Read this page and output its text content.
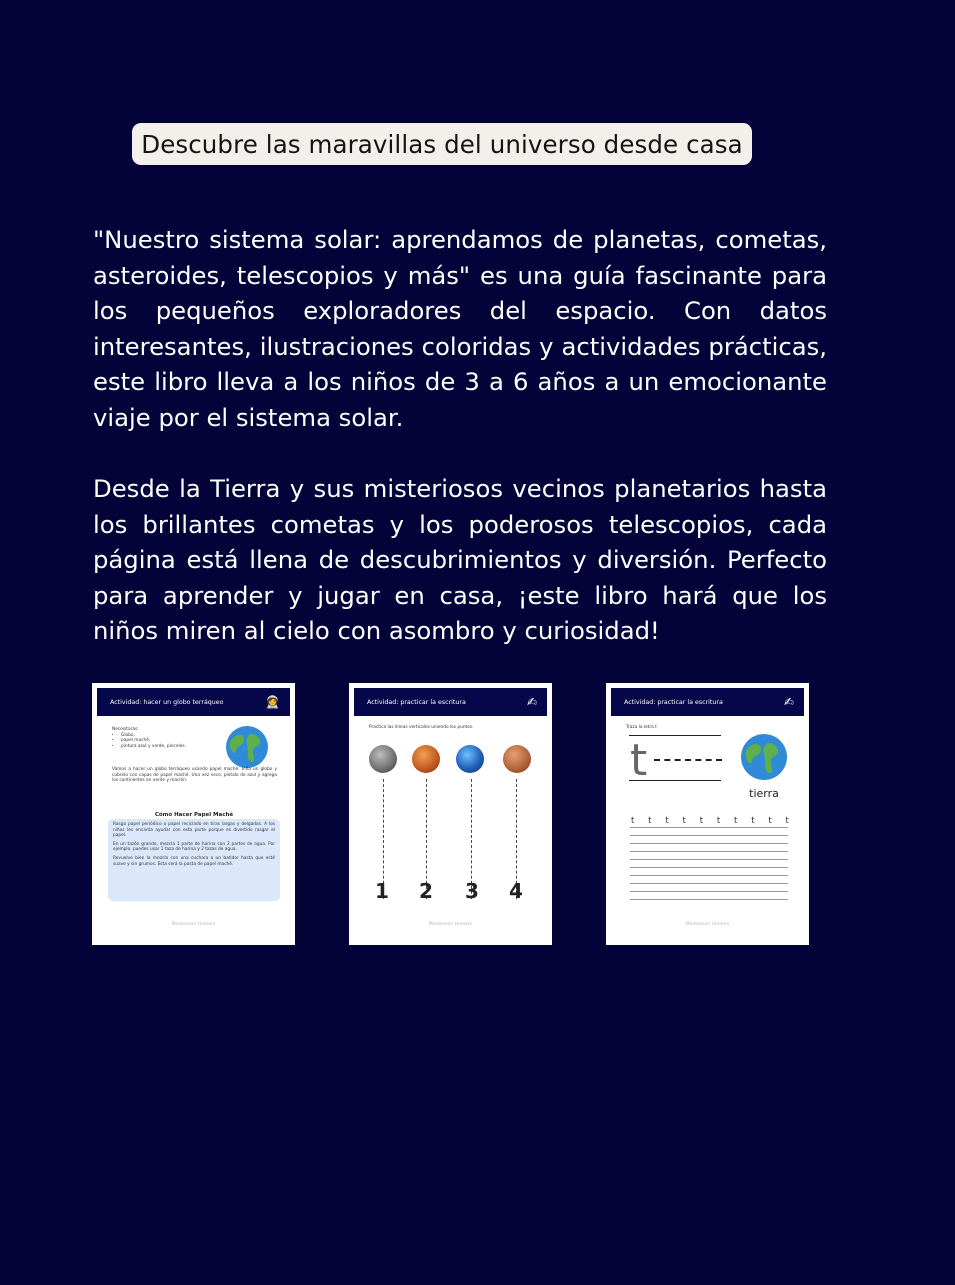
Descubre las maravillas del universo desde casa

"Nuestro sistema solar: aprendamos de planetas, cometas, asteroides, telescopios y más" es una guía fascinante para los pequeños exploradores del espacio. Con datos interesantes, ilustraciones coloridas y actividades prácticas, este libro lleva a los niños de 3 a 6 años a un emocionante viaje por el sistema solar.

Desde la Tierra y sus misteriosos vecinos planetarios hasta los brillantes cometas y los poderosos telescopios, cada página está llena de descubrimientos y diversión. Perfecto para aprender y jugar en casa, ¡este libro hará que los niños miren al cielo con asombro y curiosidad!

Actividad: hacer un globo terráqueo	🧑‍🚀
Necesitarás:
• Globo,
• papel maché,
• pintura azul y verde, pinceles.
Vamos a hacer un globo terráqueo usando papel maché. Infla un globo y cúbrelo con capas de papel maché. Una vez seco, píntalo de azul y agrega los continentes en verde y marrón.
Cómo Hacer Papel Maché

Rasga papel periódico o papel reciclado en tiras largas y delgadas. A los niños les encanta ayudar con esta parte porque es divertido rasgar el papel.

En un tazón grande, mezcla 1 parte de harina con 2 partes de agua. Por ejemplo, puedes usar 1 taza de harina y 2 tazas de agua.

Revuelve bien la mezcla con una cuchara o un batidor hasta que esté suave y sin grumos. Esta será la pasta de papel maché.

Montessori Homers
Actividad: practicar la escritura	✍
Practica las líneas verticales uniendo los puntos.
1 2 3 4
Montessori Homers
Actividad: practicar la escritura	✍
Traza la letra t
t
tierra
t t t t t t t t t t
Montessori Homers
